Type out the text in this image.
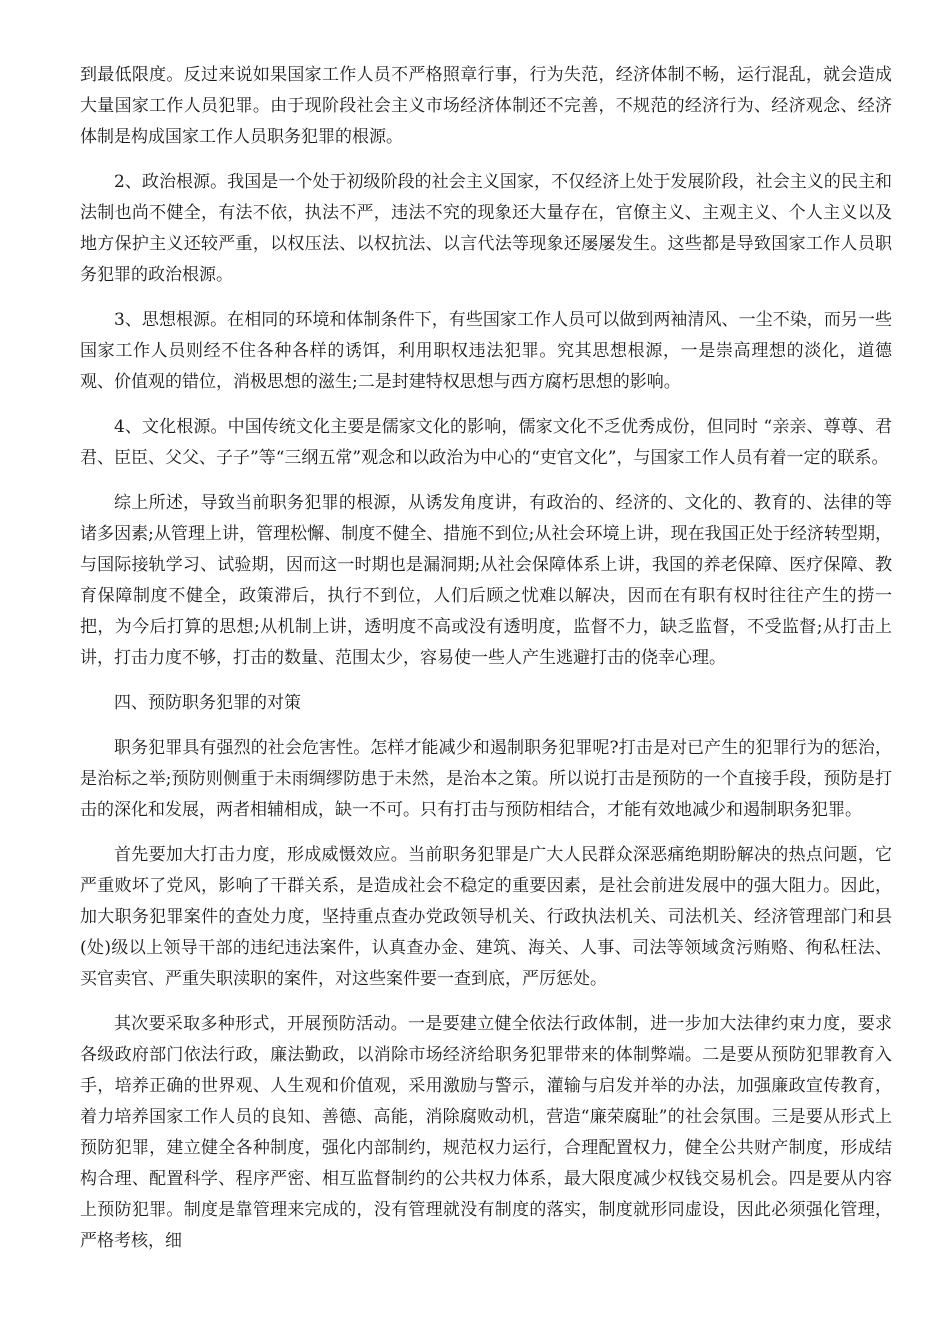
到最低限度。反过来说如果国家工作人员不严格照章行事，行为失范，经济体制不畅，运行混乱，就会造成大量国家工作人员犯罪。由于现阶段社会主义市场经济体制还不完善，不规范的经济行为、经济观念、经济体制是构成国家工作人员职务犯罪的根源。

2、政治根源。我国是一个处于初级阶段的社会主义国家，不仅经济上处于发展阶段，社会主义的民主和法制也尚不健全，有法不依，执法不严，违法不究的现象还大量存在，官僚主义、主观主义、个人主义以及地方保护主义还较严重，以权压法、以权抗法、以言代法等现象还屡屡发生。这些都是导致国家工作人员职务犯罪的政治根源。

3、思想根源。在相同的环境和体制条件下，有些国家工作人员可以做到两袖清风、一尘不染，而另一些国家工作人员则经不住各种各样的诱饵，利用职权违法犯罪。究其思想根源，一是崇高理想的淡化，道德观、价值观的错位，消极思想的滋生;二是封建特权思想与西方腐朽思想的影响。

4、文化根源。中国传统文化主要是儒家文化的影响，儒家文化不乏优秀成份，但同时 “亲亲、尊尊、君君、臣臣、父父、子子”等“三纲五常”观念和以政治为中心的“吏官文化”，与国家工作人员有着一定的联系。

综上所述，导致当前职务犯罪的根源，从诱发角度讲，有政治的、经济的、文化的、教育的、法律的等诸多因素;从管理上讲，管理松懈、制度不健全、措施不到位;从社会环境上讲，现在我国正处于经济转型期，与国际接轨学习、试验期，因而这一时期也是漏洞期;从社会保障体系上讲，我国的养老保障、医疗保障、教育保障制度不健全，政策滞后，执行不到位，人们后顾之忧难以解决，因而在有职有权时往往产生的捞一把，为今后打算的思想;从机制上讲，透明度不高或没有透明度，监督不力，缺乏监督，不受监督;从打击上讲，打击力度不够，打击的数量、范围太少，容易使一些人产生逃避打击的侥幸心理。

四、预防职务犯罪的对策

职务犯罪具有强烈的社会危害性。怎样才能减少和遏制职务犯罪呢?打击是对已产生的犯罪行为的惩治，是治标之举;预防则侧重于未雨绸缪防患于未然，是治本之策。所以说打击是预防的一个直接手段，预防是打击的深化和发展，两者相辅相成，缺一不可。只有打击与预防相结合，才能有效地减少和遏制职务犯罪。

首先要加大打击力度，形成威慑效应。当前职务犯罪是广大人民群众深恶痛绝期盼解决的热点问题，它严重败坏了党风，影响了干群关系，是造成社会不稳定的重要因素，是社会前进发展中的强大阻力。因此，加大职务犯罪案件的查处力度，坚持重点查办党政领导机关、行政执法机关、司法机关、经济管理部门和县(处)级以上领导干部的违纪违法案件，认真查办金、建筑、海关、人事、司法等领域贪污贿赂、徇私枉法、买官卖官、严重失职渎职的案件，对这些案件要一查到底，严厉惩处。

其次要采取多种形式，开展预防活动。一是要建立健全依法行政体制，进一步加大法律约束力度，要求各级政府部门依法行政，廉法勤政，以消除市场经济给职务犯罪带来的体制弊端。二是要从预防犯罪教育入手，培养正确的世界观、人生观和价值观，采用激励与警示，灌输与启发并举的办法，加强廉政宣传教育，着力培养国家工作人员的良知、善德、高能，消除腐败动机，营造“廉荣腐耻”的社会氛围。三是要从形式上预防犯罪，建立健全各种制度，强化内部制约，规范权力运行，合理配置权力，健全公共财产制度，形成结构合理、配置科学、程序严密、相互监督制约的公共权力体系，最大限度减少权钱交易机会。四是要从内容上预防犯罪。制度是靠管理来完成的，没有管理就没有制度的落实，制度就形同虚设，因此必须强化管理，严格考核，细
